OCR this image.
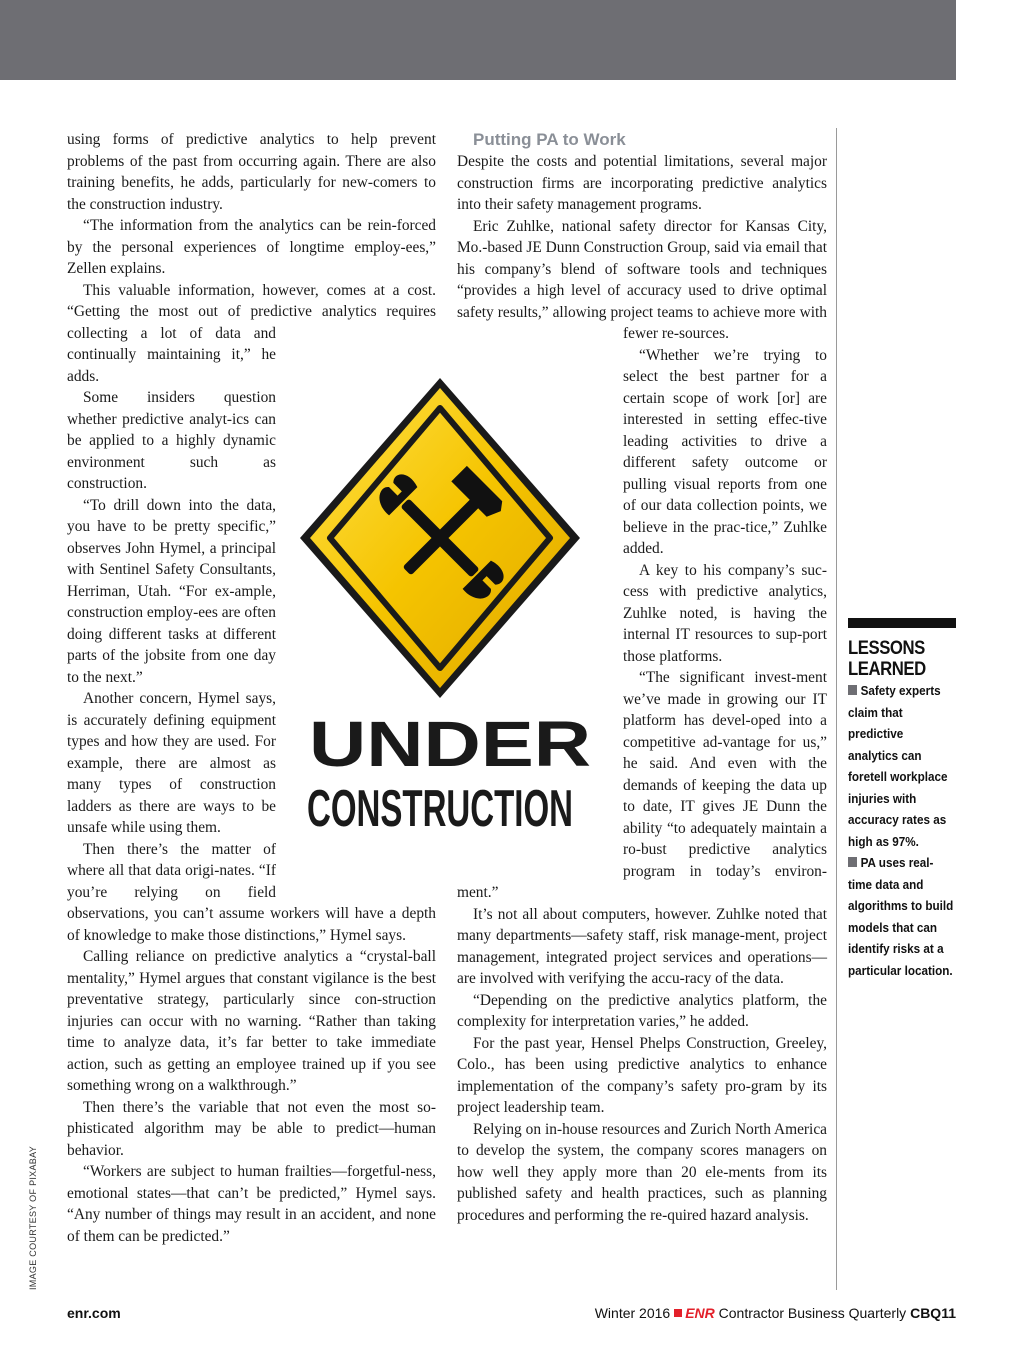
using forms of predictive analytics to help prevent problems of the past from occurring again. There are also training benefits, he adds, particularly for new-comers to the construction industry.

“The information from the analytics can be rein-forced by the personal experiences of longtime employ-ees,” Zellen explains.

This valuable information, however, comes at a cost. “Getting the most out of predictive analytics requires collecting a lot of data and continually maintaining it,” he adds.

Some insiders question whether predictive analyt-ics can be applied to a highly dynamic environment such as construction.

“To drill down into the data, you have to be pretty specific,” observes John Hymel, a principal with Sentinel Safety Consultants, Herriman, Utah. “For ex-ample, construction employ-ees are often doing different tasks at different parts of the jobsite from one day to the next.”

Another concern, Hymel says, is accurately defining equipment types and how they are used. For example, there are almost as many types of construction ladders as there are ways to be unsafe while using them.

Then there’s the matter of where all that data origi-nates. “If you’re relying on field observations, you can’t assume workers will have a depth of knowledge to make those distinctions,” Hymel says.

Calling reliance on predictive analytics a “crystal-ball mentality,” Hymel argues that constant vigilance is the best preventative strategy, particularly since con-struction injuries can occur with no warning. “Rather than taking time to analyze data, it’s far better to take immediate action, such as getting an employee trained up if you see something wrong on a walkthrough.”

Then there’s the variable that not even the most so-phisticated algorithm may be able to predict—human behavior.

“Workers are subject to human frailties—forgetful-ness, emotional states—that can’t be predicted,” Hymel says. “Any number of things may result in an accident, and none of them can be predicted.”

Putting PA to Work

Despite the costs and potential limitations, several major construction firms are incorporating predictive analytics into their safety management programs.

Eric Zuhlke, national safety director for Kansas City, Mo.-based JE Dunn Construction Group, said via email that his company’s blend of software tools and techniques “provides a high level of accuracy used to drive optimal safety results,” allowing project teams to achieve more with fewer re-sources.

“Whether we’re trying to select the best partner for a certain scope of work [or] are interested in setting effec-tive leading activities to drive a different safety outcome or pulling visual reports from one of our data collection points, we believe in the prac-tice,” Zuhlke added.

A key to his company’s suc-cess with predictive analytics, Zuhlke noted, is having the internal IT resources to sup-port those platforms.

“The significant invest-ment we’ve made in growing our IT platform has devel-oped into a competitive ad-vantage for us,” he said. And even with the demands of keeping the data up to date, IT gives JE Dunn the ability “to adequately maintain a ro-bust predictive analytics program in today’s environ-ment.”

It’s not all about computers, however. Zuhlke noted that many departments—safety staff, risk manage-ment, project management, integrated project services and operations—are involved with verifying the accu-racy of the data.

“Depending on the predictive analytics platform, the complexity for interpretation varies,” he added.

For the past year, Hensel Phelps Construction, Greeley, Colo., has been using predictive analytics to enhance implementation of the company’s safety pro-gram by its project leadership team.

Relying on in-house resources and Zurich North America to develop the system, the company scores managers on how well they apply more than 20 ele-ments from its published safety and health practices, such as planning procedures and performing the re-quired hazard analysis.

UNDER
CONSTRUCTION
LESSONS
LEARNED
Safety experts claim that predictive analytics can foretell workplace injuries with accuracy rates as high as 97%.
PA uses real-time data and algorithms to build models that can identify risks at a particular location.
IMAGE COURTESY OF PIXABAY
enr.com	Winter 2016 ENR Contractor Business Quarterly CBQ11
